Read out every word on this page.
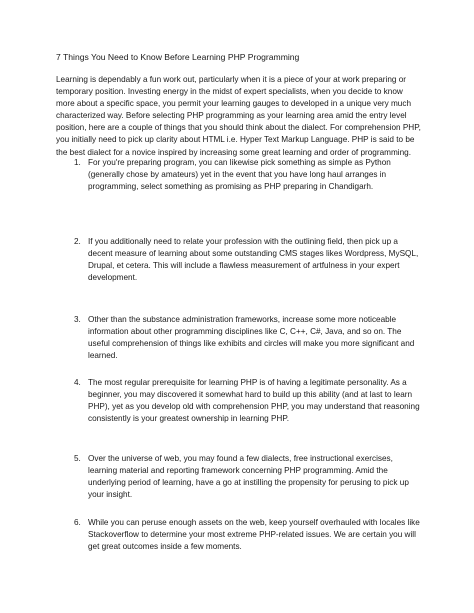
7 Things You Need to Know Before Learning PHP Programming

Learning is dependably a fun work out, particularly when it is a piece of your at work preparing or temporary position. Investing energy in the midst of expert specialists, when you decide to know more about a specific space, you permit your learning gauges to developed in a unique very much characterized way. Before selecting PHP programming as your learning area amid the entry level position, here are a couple of things that you should think about the dialect. For comprehension PHP, you initially need to pick up clarity about HTML i.e. Hyper Text Markup Language. PHP is said to be the best dialect for a novice inspired by increasing some great learning and order of programming.

1. For you're preparing program, you can likewise pick something as simple as Python (generally chose by amateurs) yet in the event that you have long haul arranges in programming, select something as promising as PHP preparing in Chandigarh.

2. If you additionally need to relate your profession with the outlining field, then pick up a decent measure of learning about some outstanding CMS stages likes Wordpress, MySQL, Drupal, et cetera. This will include a flawless measurement of artfulness in your expert development.

3. Other than the substance administration frameworks, increase some more noticeable information about other programming disciplines like C, C++, C#, Java, and so on. The useful comprehension of things like exhibits and circles will make you more significant and learned.

4. The most regular prerequisite for learning PHP is of having a legitimate personality. As a beginner, you may discovered it somewhat hard to build up this ability (and at last to learn PHP), yet as you develop old with comprehension PHP, you may understand that reasoning consistently is your greatest ownership in learning PHP.

5. Over the universe of web, you may found a few dialects, free instructional exercises, learning material and reporting framework concerning PHP programming. Amid the underlying period of learning, have a go at instilling the propensity for perusing to pick up your insight.

6. While you can peruse enough assets on the web, keep yourself overhauled with locales like Stackoverflow to determine your most extreme PHP-related issues. We are certain you will get great outcomes inside a few moments.
